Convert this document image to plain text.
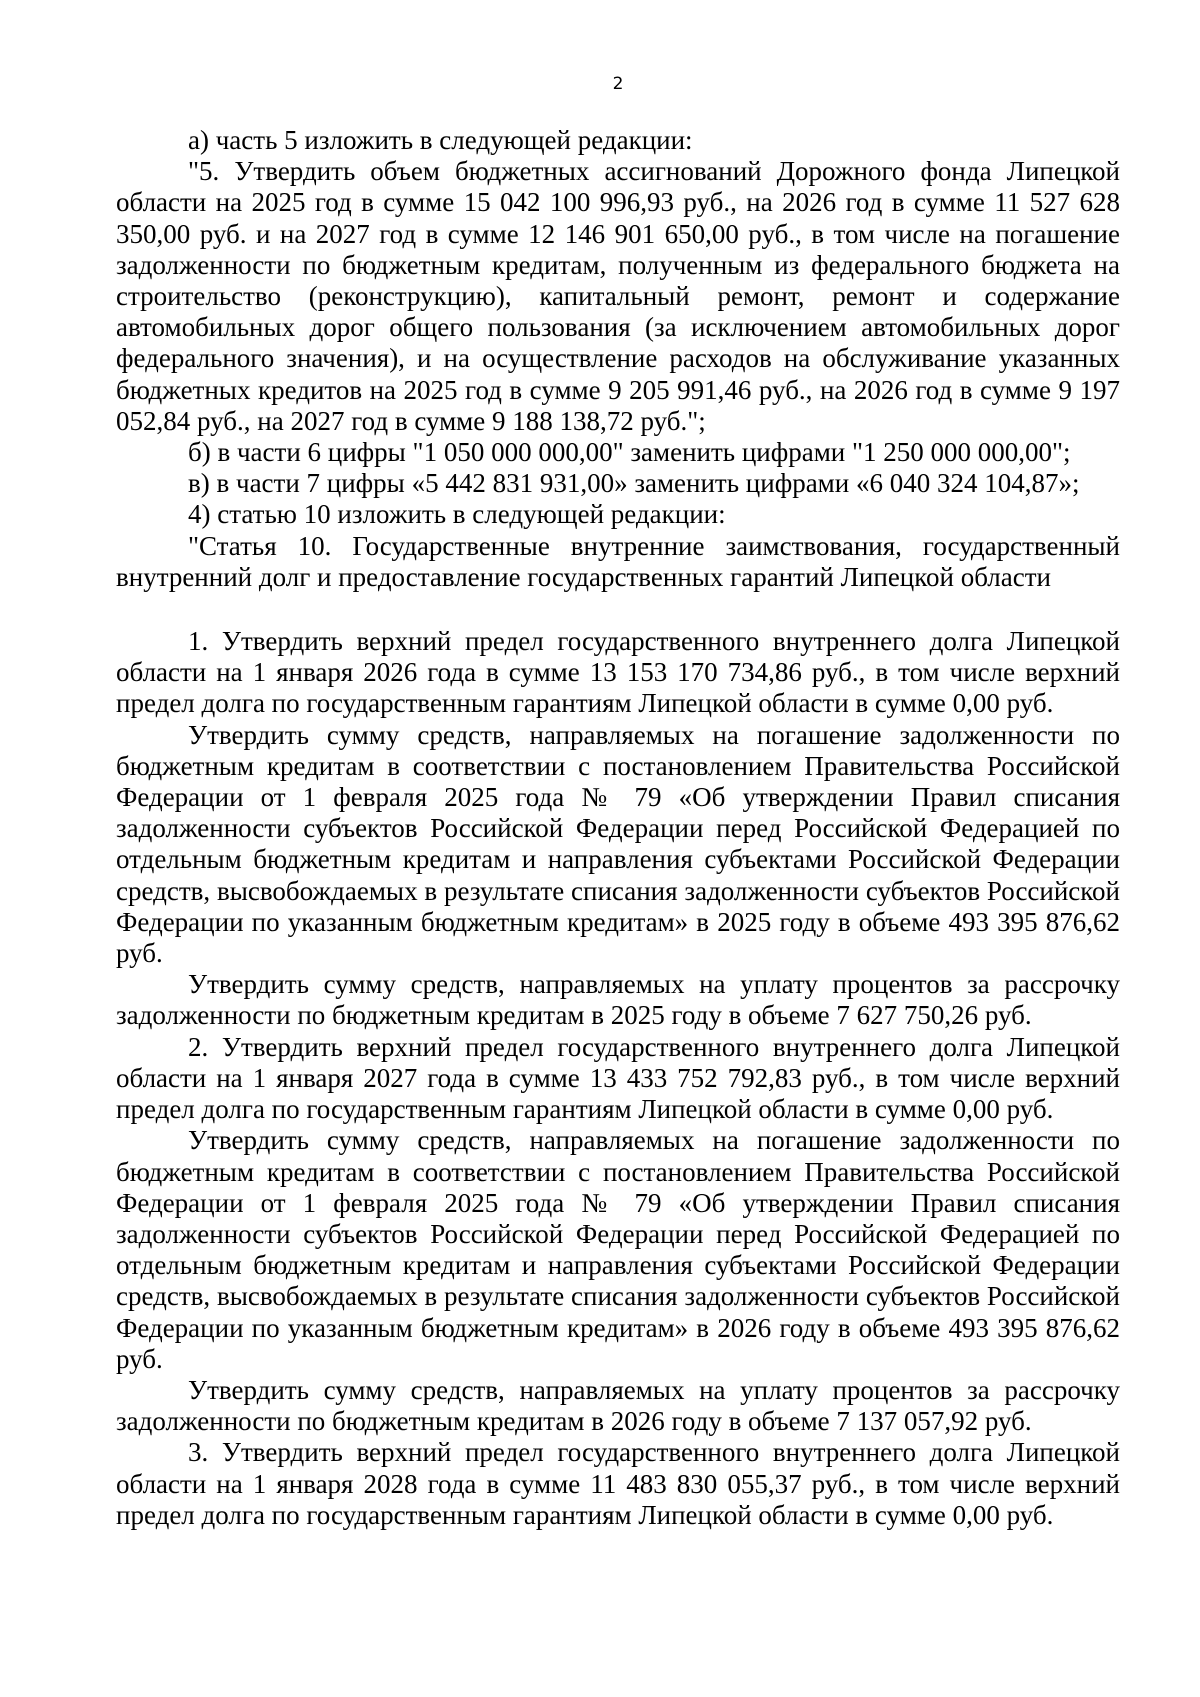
2

а) часть 5 изложить в следующей редакции:

"5. Утвердить объем бюджетных ассигнований Дорожного фонда Липецкой области на 2025 год в сумме 15 042 100 996,93 руб., на 2026 год в сумме 11 527 628 350,00 руб. и на 2027 год в сумме 12 146 901 650,00 руб., в том числе на погашение задолженности по бюджетным кредитам, полученным из федерального бюджета на строительство (реконструкцию), капитальный ремонт, ремонт и содержание автомобильных дорог общего пользования (за исключением автомобильных дорог федерального значения), и на осуществление расходов на обслуживание указанных бюджетных кредитов на 2025 год в сумме 9 205 991,46 руб., на 2026 год в сумме 9 197 052,84 руб., на 2027 год в сумме 9 188 138,72 руб.";

б) в части 6 цифры "1 050 000 000,00" заменить цифрами "1 250 000 000,00";

в) в части 7 цифры «5 442 831 931,00» заменить цифрами «6 040 324 104,87»;

4) статью 10 изложить в следующей редакции:

"Статья 10. Государственные внутренние заимствования, государственный внутренний долг и предоставление государственных гарантий Липецкой области

1. Утвердить верхний предел государственного внутреннего долга Липецкой области на 1 января 2026 года в сумме 13 153 170 734,86 руб., в том числе верхний предел долга по государственным гарантиям Липецкой области в сумме 0,00 руб.

Утвердить сумму средств, направляемых на погашение задолженности по бюджетным кредитам в соответствии с постановлением Правительства Российской Федерации от 1 февраля 2025 года № 79 «Об утверждении Правил списания задолженности субъектов Российской Федерации перед Российской Федерацией по отдельным бюджетным кредитам и направления субъектами Российской Федерации средств, высвобождаемых в результате списания задолженности субъектов Российской Федерации по указанным бюджетным кредитам» в 2025 году в объеме 493 395 876,62 руб.

Утвердить сумму средств, направляемых на уплату процентов за рассрочку задолженности по бюджетным кредитам в 2025 году в объеме 7 627 750,26 руб.

2. Утвердить верхний предел государственного внутреннего долга Липецкой области на 1 января 2027 года в сумме 13 433 752 792,83 руб., в том числе верхний предел долга по государственным гарантиям Липецкой области в сумме 0,00 руб.

Утвердить сумму средств, направляемых на погашение задолженности по бюджетным кредитам в соответствии с постановлением Правительства Российской Федерации от 1 февраля 2025 года № 79 «Об утверждении Правил списания задолженности субъектов Российской Федерации перед Российской Федерацией по отдельным бюджетным кредитам и направления субъектами Российской Федерации средств, высвобождаемых в результате списания задолженности субъектов Российской Федерации по указанным бюджетным кредитам» в 2026 году в объеме 493 395 876,62 руб.

Утвердить сумму средств, направляемых на уплату процентов за рассрочку задолженности по бюджетным кредитам в 2026 году в объеме 7 137 057,92 руб.

3. Утвердить верхний предел государственного внутреннего долга Липецкой области на 1 января 2028 года в сумме 11 483 830 055,37 руб., в том числе верхний предел долга по государственным гарантиям Липецкой области в сумме 0,00 руб.
